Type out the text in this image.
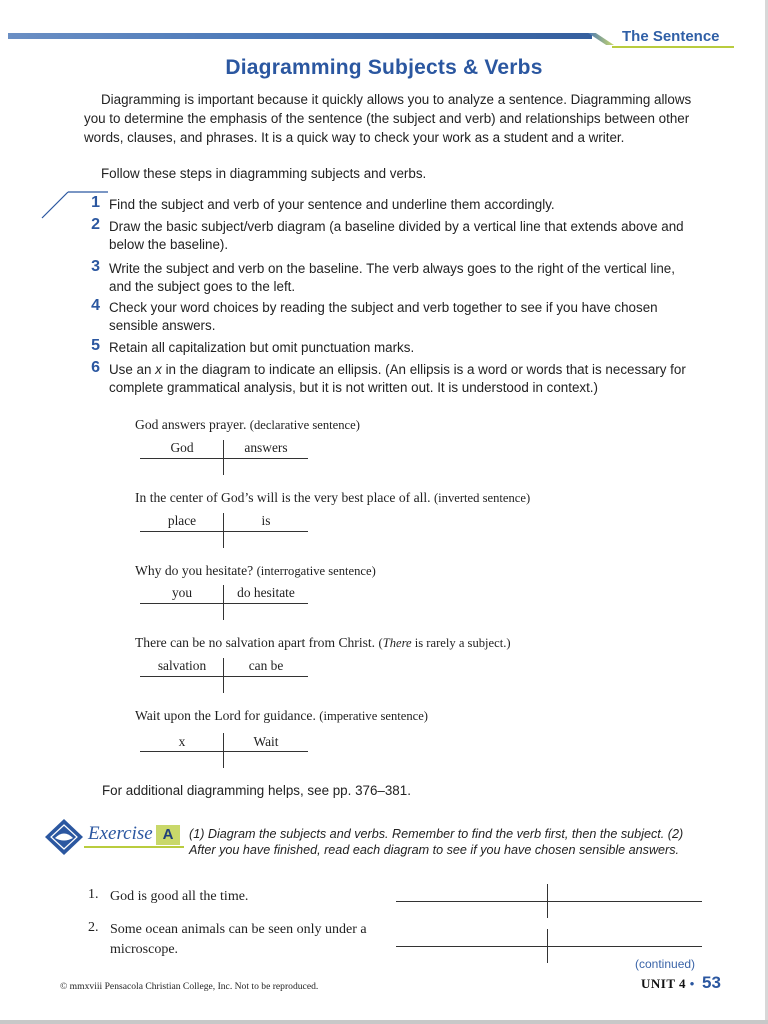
The Sentence
Diagramming Subjects & Verbs
Diagramming is important because it quickly allows you to analyze a sentence. Diagramming allows you to determine the emphasis of the sentence (the subject and verb) and relationships between other words, clauses, and phrases. It is a quick way to check your work as a student and a writer.
Follow these steps in diagramming subjects and verbs.
1 Find the subject and verb of your sentence and underline them accordingly.
2 Draw the basic subject/verb diagram (a baseline divided by a vertical line that extends above and below the baseline).
3 Write the subject and verb on the baseline. The verb always goes to the right of the vertical line, and the subject goes to the left.
4 Check your word choices by reading the subject and verb together to see if you have chosen sensible answers.
5 Retain all capitalization but omit punctuation marks.
6 Use an x in the diagram to indicate an ellipsis. (An ellipsis is a word or words that is necessary for complete grammatical analysis, but it is not written out. It is understood in context.)
God answers prayer. (declarative sentence)
God	answers
In the center of God’s will is the very best place of all. (inverted sentence)
place	is
Why do you hesitate? (interrogative sentence)
you	do hesitate
There can be no salvation apart from Christ. (There is rarely a subject.)
salvation	can be
Wait upon the Lord for guidance. (imperative sentence)
x	Wait
For additional diagramming helps, see pp. 376–381.
Exercise A	(1) Diagram the subjects and verbs. Remember to find the verb first, then the subject. (2) After you have finished, read each diagram to see if you have chosen sensible answers.
1. God is good all the time.
2. Some ocean animals can be seen only under a microscope.
(continued)
© mmxviii Pensacola Christian College, Inc. Not to be reproduced.	UNIT 4 • 53
